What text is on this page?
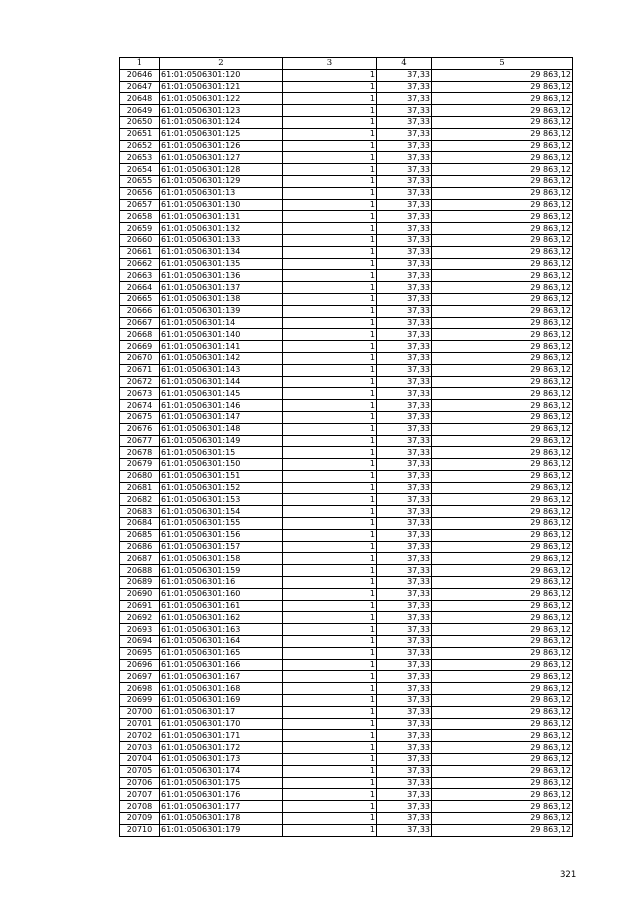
1	2	3	4	5
20646	61:01:0506301:120	1	37,33	29 863,12
20647	61:01:0506301:121	1	37,33	29 863,12
20648	61:01:0506301:122	1	37,33	29 863,12
20649	61:01:0506301:123	1	37,33	29 863,12
20650	61:01:0506301:124	1	37,33	29 863,12
20651	61:01:0506301:125	1	37,33	29 863,12
20652	61:01:0506301:126	1	37,33	29 863,12
20653	61:01:0506301:127	1	37,33	29 863,12
20654	61:01:0506301:128	1	37,33	29 863,12
20655	61:01:0506301:129	1	37,33	29 863,12
20656	61:01:0506301:13	1	37,33	29 863,12
20657	61:01:0506301:130	1	37,33	29 863,12
20658	61:01:0506301:131	1	37,33	29 863,12
20659	61:01:0506301:132	1	37,33	29 863,12
20660	61:01:0506301:133	1	37,33	29 863,12
20661	61:01:0506301:134	1	37,33	29 863,12
20662	61:01:0506301:135	1	37,33	29 863,12
20663	61:01:0506301:136	1	37,33	29 863,12
20664	61:01:0506301:137	1	37,33	29 863,12
20665	61:01:0506301:138	1	37,33	29 863,12
20666	61:01:0506301:139	1	37,33	29 863,12
20667	61:01:0506301:14	1	37,33	29 863,12
20668	61:01:0506301:140	1	37,33	29 863,12
20669	61:01:0506301:141	1	37,33	29 863,12
20670	61:01:0506301:142	1	37,33	29 863,12
20671	61:01:0506301:143	1	37,33	29 863,12
20672	61:01:0506301:144	1	37,33	29 863,12
20673	61:01:0506301:145	1	37,33	29 863,12
20674	61:01:0506301:146	1	37,33	29 863,12
20675	61:01:0506301:147	1	37,33	29 863,12
20676	61:01:0506301:148	1	37,33	29 863,12
20677	61:01:0506301:149	1	37,33	29 863,12
20678	61:01:0506301:15	1	37,33	29 863,12
20679	61:01:0506301:150	1	37,33	29 863,12
20680	61:01:0506301:151	1	37,33	29 863,12
20681	61:01:0506301:152	1	37,33	29 863,12
20682	61:01:0506301:153	1	37,33	29 863,12
20683	61:01:0506301:154	1	37,33	29 863,12
20684	61:01:0506301:155	1	37,33	29 863,12
20685	61:01:0506301:156	1	37,33	29 863,12
20686	61:01:0506301:157	1	37,33	29 863,12
20687	61:01:0506301:158	1	37,33	29 863,12
20688	61:01:0506301:159	1	37,33	29 863,12
20689	61:01:0506301:16	1	37,33	29 863,12
20690	61:01:0506301:160	1	37,33	29 863,12
20691	61:01:0506301:161	1	37,33	29 863,12
20692	61:01:0506301:162	1	37,33	29 863,12
20693	61:01:0506301:163	1	37,33	29 863,12
20694	61:01:0506301:164	1	37,33	29 863,12
20695	61:01:0506301:165	1	37,33	29 863,12
20696	61:01:0506301:166	1	37,33	29 863,12
20697	61:01:0506301:167	1	37,33	29 863,12
20698	61:01:0506301:168	1	37,33	29 863,12
20699	61:01:0506301:169	1	37,33	29 863,12
20700	61:01:0506301:17	1	37,33	29 863,12
20701	61:01:0506301:170	1	37,33	29 863,12
20702	61:01:0506301:171	1	37,33	29 863,12
20703	61:01:0506301:172	1	37,33	29 863,12
20704	61:01:0506301:173	1	37,33	29 863,12
20705	61:01:0506301:174	1	37,33	29 863,12
20706	61:01:0506301:175	1	37,33	29 863,12
20707	61:01:0506301:176	1	37,33	29 863,12
20708	61:01:0506301:177	1	37,33	29 863,12
20709	61:01:0506301:178	1	37,33	29 863,12
20710	61:01:0506301:179	1	37,33	29 863,12
321
